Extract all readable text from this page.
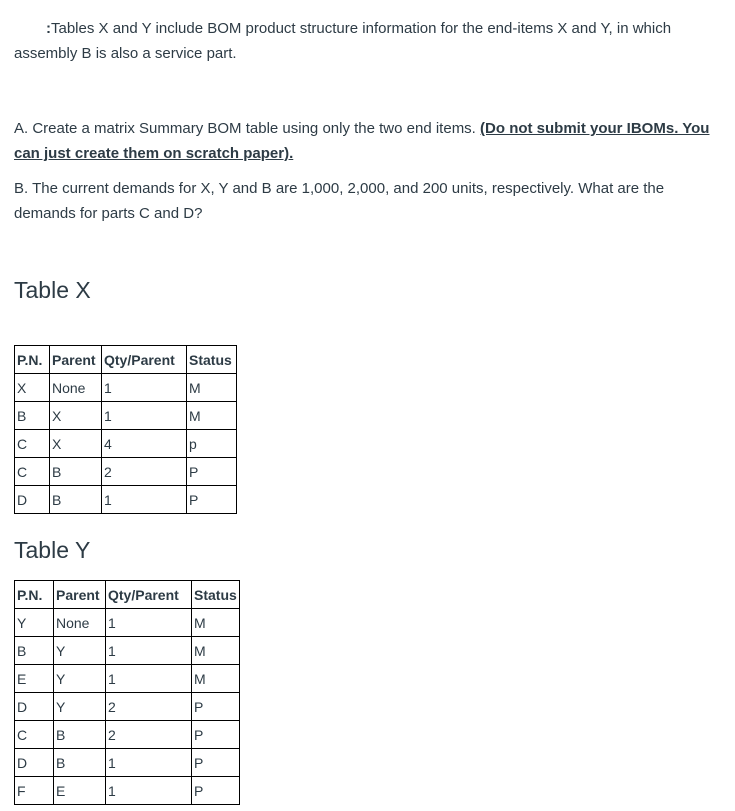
:Tables X and Y include BOM product structure information for the end-items X and Y, in which assembly B is also a service part.

A. Create a matrix Summary BOM table using only the two end items. (Do not submit your IBOMs. You can just create them on scratch paper).

B. The current demands for X, Y and B are 1,000, 2,000, and 200 units, respectively. What are the demands for parts C and D?

Table X
P.N.	Parent	Qty/Parent	Status
X	None	1	M
B	X	1	M
C	X	4	p
C	B	2	P
D	B	1	P
Table Y
P.N.	Parent	Qty/Parent	Status
Y	None	1	M
B	Y	1	M
E	Y	1	M
D	Y	2	P
C	B	2	P
D	B	1	P
F	E	1	P
